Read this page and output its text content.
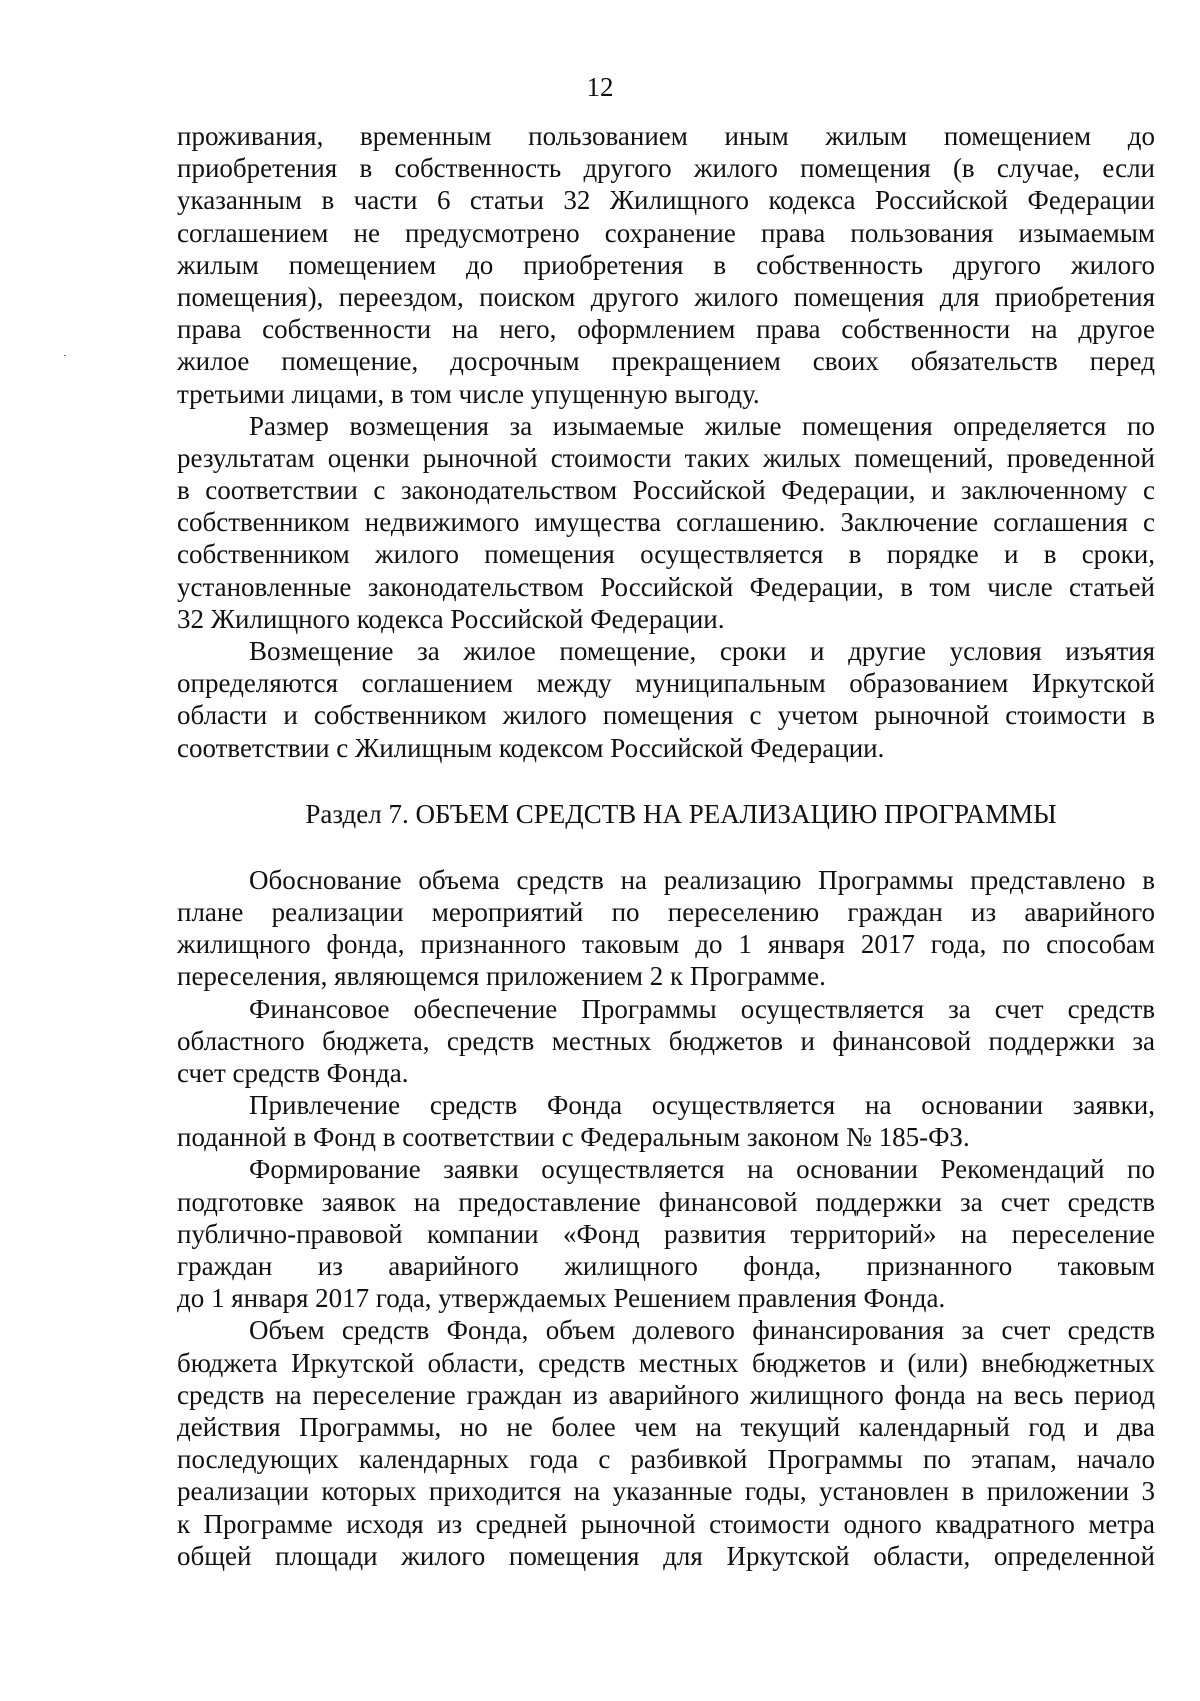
12
проживания, временным пользованием иным жилым помещением до
приобретения в собственность другого жилого помещения (в случае, если
указанным в части 6 статьи 32 Жилищного кодекса Российской Федерации
соглашением не предусмотрено сохранение права пользования изымаемым
жилым помещением до приобретения в собственность другого жилого
помещения), переездом, поиском другого жилого помещения для приобретения
права собственности на него, оформлением права собственности на другое
жилое помещение, досрочным прекращением своих обязательств перед
третьими лицами, в том числе упущенную выгоду.
Размер возмещения за изымаемые жилые помещения определяется по
результатам оценки рыночной стоимости таких жилых помещений, проведенной
в соответствии с законодательством Российской Федерации, и заключенному с
собственником недвижимого имущества соглашению. Заключение соглашения с
собственником жилого помещения осуществляется в порядке и в сроки,
установленные законодательством Российской Федерации, в том числе статьей
32 Жилищного кодекса Российской Федерации.
Возмещение за жилое помещение, сроки и другие условия изъятия
определяются соглашением между муниципальным образованием Иркутской
области и собственником жилого помещения с учетом рыночной стоимости в
соответствии с Жилищным кодексом Российской Федерации.
Раздел 7. ОБЪЕМ СРЕДСТВ НА РЕАЛИЗАЦИЮ ПРОГРАММЫ
Обоснование объема средств на реализацию Программы представлено в
плане реализации мероприятий по переселению граждан из аварийного
жилищного фонда, признанного таковым до 1 января 2017 года, по способам
переселения, являющемся приложением 2 к Программе.
Финансовое обеспечение Программы осуществляется за счет средств
областного бюджета, средств местных бюджетов и финансовой поддержки за
счет средств Фонда.
Привлечение средств Фонда осуществляется на основании заявки,
поданной в Фонд в соответствии с Федеральным законом № 185-ФЗ.
Формирование заявки осуществляется на основании Рекомендаций по
подготовке заявок на предоставление финансовой поддержки за счет средств
публично-правовой компании «Фонд развития территорий» на переселение
граждан из аварийного жилищного фонда, признанного таковым
до 1 января 2017 года, утверждаемых Решением правления Фонда.
Объем средств Фонда, объем долевого финансирования за счет средств
бюджета Иркутской области, средств местных бюджетов и (или) внебюджетных
средств на переселение граждан из аварийного жилищного фонда на весь период
действия Программы, но не более чем на текущий календарный год и два
последующих календарных года с разбивкой Программы по этапам, начало
реализации которых приходится на указанные годы, установлен в приложении 3
к Программе исходя из средней рыночной стоимости одного квадратного метра
общей площади жилого помещения для Иркутской области, определенной
